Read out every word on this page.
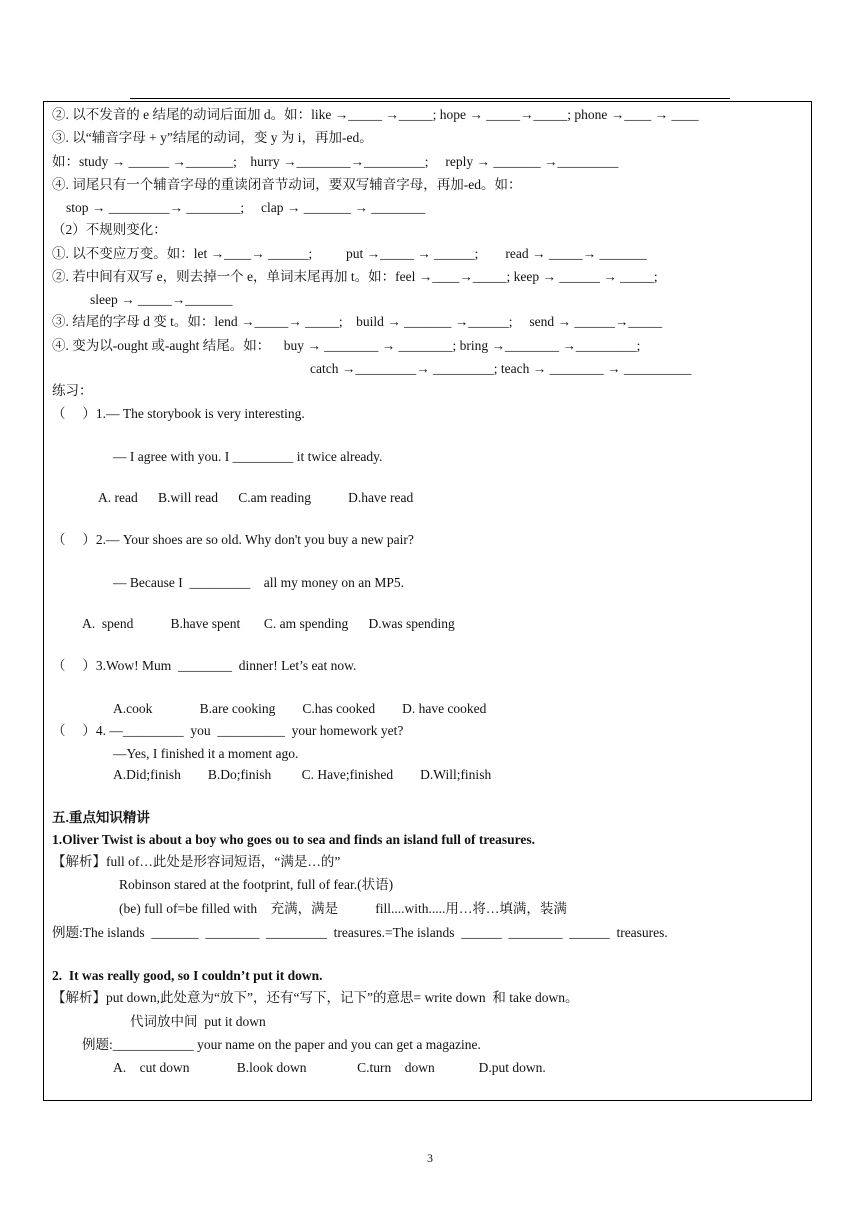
②. 以不发音的 e 结尾的动词后面加 d。如：like →_____ →_____; hope → _____→_____; phone →____ → ____
③. 以“辅音字母 + y”结尾的动词，变 y 为 i，再加-ed。
如：study → ______ →_______;    hurry →________→_________;     reply → _______ →_________
④. 词尾只有一个辅音字母的重读闭音节动词，要双写辅音字母，再加-ed。如：
stop → _________→ ________;     clap → _______ → ________
（2）不规则变化：
①. 以不变应万变。如：let →____→ ______;          put →_____ → ______;        read → _____→ _______
②. 若中间有双写 e，则去掉一个 e，单词末尾再加 t。如：feel →____→_____; keep → ______ → _____;
sleep → _____→_______
③. 结尾的字母 d 变 t。如：lend →_____→ _____;    build → _______ →______;     send → ______→_____
④. 变为以-ought 或-aught 结尾。如：    buy → ________ → ________; bring →________ →_________;
catch →_________→ _________; teach → ________ → __________
练习：
（     ）1.— The storybook is very interesting.
— I agree with you. I _________ it twice already.
A. read      B.will read      C.am reading           D.have read
（     ）2.— Your shoes are so old. Why don't you buy a new pair?
— Because I  _________    all my money on an MP5.
A.  spend           B.have spent       C. am spending      D.was spending
（     ）3.Wow! Mum  ________  dinner! Let’s eat now.
A.cook              B.are cooking        C.has cooked        D. have cooked
（     ）4. —_________  you  __________  your homework yet?
—Yes, I finished it a moment ago.
A.Did;finish        B.Do;finish         C. Have;finished        D.Will;finish
五.重点知识精讲
1.Oliver Twist is about a boy who goes ou to sea and finds an island full of treasures.
【解析】full of…此处是形容词短语，“满是…的”
Robinson stared at the footprint, full of fear.(状语)
(be) full of=be filled with    充满，满是           fill....with.....用…将…填满，装满
例题:The islands  _______  ________  _________  treasures.=The islands  ______  ________  ______  treasures.
2.  It was really good, so I couldn’t put it down.
【解析】put down,此处意为“放下”，还有“写下，记下”的意思= write down  和 take down。
代词放中间  put it down
例题:____________ your name on the paper and you can get a magazine.
A.    cut down              B.look down               C.turn    down             D.put down.
3
